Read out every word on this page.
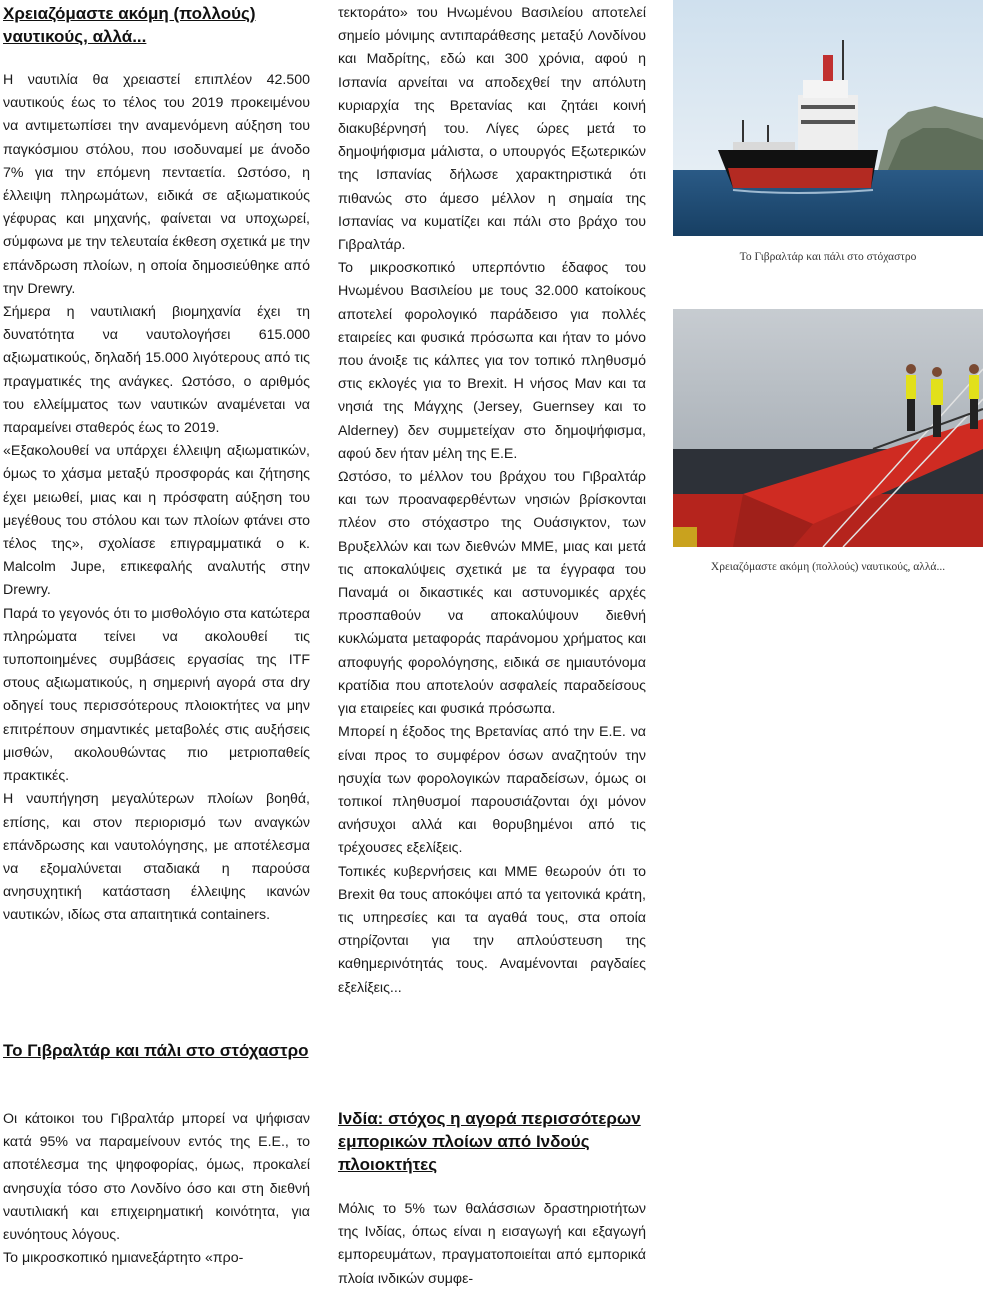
Χρειαζόμαστε ακόμη (πολλούς) ναυτικούς, αλλά...

Η ναυτιλία θα χρειαστεί επιπλέον 42.500 ναυτικούς έως το τέλος του 2019 προκειμένου να αντιμετωπίσει την αναμενόμενη αύξηση του παγκόσμιου στόλου, που ισοδυναμεί με άνοδο 7% για την επόμενη πενταετία. Ωστόσο, η έλλειψη πληρωμάτων, ειδικά σε αξιωματικούς γέφυρας και μηχανής, φαίνεται να υποχωρεί, σύμφωνα με την τελευταία έκθεση σχετικά με την επάνδρωση πλοίων, η οποία δημοσιεύθηκε από την Drewry.

Σήμερα η ναυτιλιακή βιομηχανία έχει τη δυνατότητα να ναυτολογήσει 615.000 αξιωματικούς, δηλαδή 15.000 λιγότερους από τις πραγματικές της ανάγκες. Ωστόσο, ο αριθμός του ελλείμματος των ναυτικών αναμένεται να παραμείνει σταθερός έως το 2019.

«Εξακολουθεί να υπάρχει έλλειψη αξιωματικών, όμως το χάσμα μεταξύ προσφοράς και ζήτησης έχει μειωθεί, μιας και η πρόσφατη αύξηση του μεγέθους του στόλου και των πλοίων φτάνει στο τέλος της», σχολίασε επιγραμματικά ο κ. Malcolm Jupe, επικεφαλής αναλυτής στην Drewry.

Παρά το γεγονός ότι το μισθολόγιο στα κατώτερα πληρώματα τείνει να ακολουθεί τις τυποποιημένες συμβάσεις εργασίας της ITF στους αξιωματικούς, η σημερινή αγορά στα dry οδηγεί τους περισσότερους πλοιοκτήτες να μην επιτρέπουν σημαντικές μεταβολές στις αυξήσεις μισθών, ακολουθώντας πιο μετριοπαθείς πρακτικές.

Η ναυπήγηση μεγαλύτερων πλοίων βοηθά, επίσης, και στον περιορισμό των αναγκών επάνδρωσης και ναυτολόγησης, με αποτέλεσμα να εξομαλύνεται σταδιακά η παρούσα ανησυχητική κατάσταση έλλειψης ικανών ναυτικών, ιδίως στα απαιτητικά containers.

Το Γιβραλτάρ και πάλι στο στόχαστρο

Οι κάτοικοι του Γιβραλτάρ μπορεί να ψήφισαν κατά 95% να παραμείνουν εντός της Ε.Ε., το αποτέλεσμα της ψηφοφορίας, όμως, προκαλεί ανησυχία τόσο στο Λονδίνο όσο και στη διεθνή ναυτιλιακή και επιχειρηματική κοινότητα, για ευνόητους λόγους.

Το μικροσκοπικό ημιανεξάρτητο «προ-

τεκτοράτο» του Ηνωμένου Βασιλείου αποτελεί σημείο μόνιμης αντιπαράθεσης μεταξύ Λονδίνου και Μαδρίτης, εδώ και 300 χρόνια, αφού η Ισπανία αρνείται να αποδεχθεί την απόλυτη κυριαρχία της Βρετανίας και ζητάει κοινή διακυβέρνησή του. Λίγες ώρες μετά το δημοψήφισμα μάλιστα, ο υπουργός Εξωτερικών της Ισπανίας δήλωσε χαρακτηριστικά ότι πιθανώς στο άμεσο μέλλον η σημαία της Ισπανίας να κυματίζει και πάλι στο βράχο του Γιβραλτάρ.

Το μικροσκοπικό υπερπόντιο έδαφος του Ηνωμένου Βασιλείου με τους 32.000 κατοίκους αποτελεί φορολογικό παράδεισο για πολλές εταιρείες και φυσικά πρόσωπα και ήταν το μόνο που άνοιξε τις κάλπες για τον τοπικό πληθυσμό στις εκλογές για το Brexit. Η νήσος Μαν και τα νησιά της Μάγχης (Jersey, Guernsey και το Alderney) δεν συμμετείχαν στο δημοψήφισμα, αφού δεν ήταν μέλη της Ε.Ε.

Ωστόσο, το μέλλον του βράχου του Γιβραλτάρ και των προαναφερθέντων νησιών βρίσκονται πλέον στο στόχαστρο της Ουάσιγκτον, των Βρυξελλών και των διεθνών ΜΜΕ, μιας και μετά τις αποκαλύψεις σχετικά με τα έγγραφα του Παναμά οι δικαστικές και αστυνομικές αρχές προσπαθούν να αποκαλύψουν διεθνή κυκλώματα μεταφοράς παράνομου χρήματος και αποφυγής φορολόγησης, ειδικά σε ημιαυτόνομα κρατίδια που αποτελούν ασφαλείς παραδείσους για εταιρείες και φυσικά πρόσωπα.

Μπορεί η έξοδος της Βρετανίας από την Ε.Ε. να είναι προς το συμφέρον όσων αναζητούν την ησυχία των φορολογικών παραδείσων, όμως οι τοπικοί πληθυσμοί παρουσιάζονται όχι μόνον ανήσυχοι αλλά και θορυβημένοι από τις τρέχουσες εξελίξεις.

Τοπικές κυβερνήσεις και ΜΜΕ θεωρούν ότι το Brexit θα τους αποκόψει από τα γειτονικά κράτη, τις υπηρεσίες και τα αγαθά τους, στα οποία στηρίζονται για την απλούστευση της καθημερινότητάς τους. Αναμένονται ραγδαίες εξελίξεις...

Ινδία: στόχος η αγορά περισσότερων εμπορικών πλοίων από Ινδούς πλοιοκτήτες

Μόλις το 5% των θαλάσσιων δραστηριοτήτων της Ινδίας, όπως είναι η εισαγωγή και εξαγωγή εμπορευμάτων, πραγματοποιείται από εμπορικά πλοία ινδικών συμφε-

Το Γιβραλτάρ και πάλι στο στόχαστρο
Χρειαζόμαστε ακόμη (πολλούς) ναυτικούς, αλλά...
